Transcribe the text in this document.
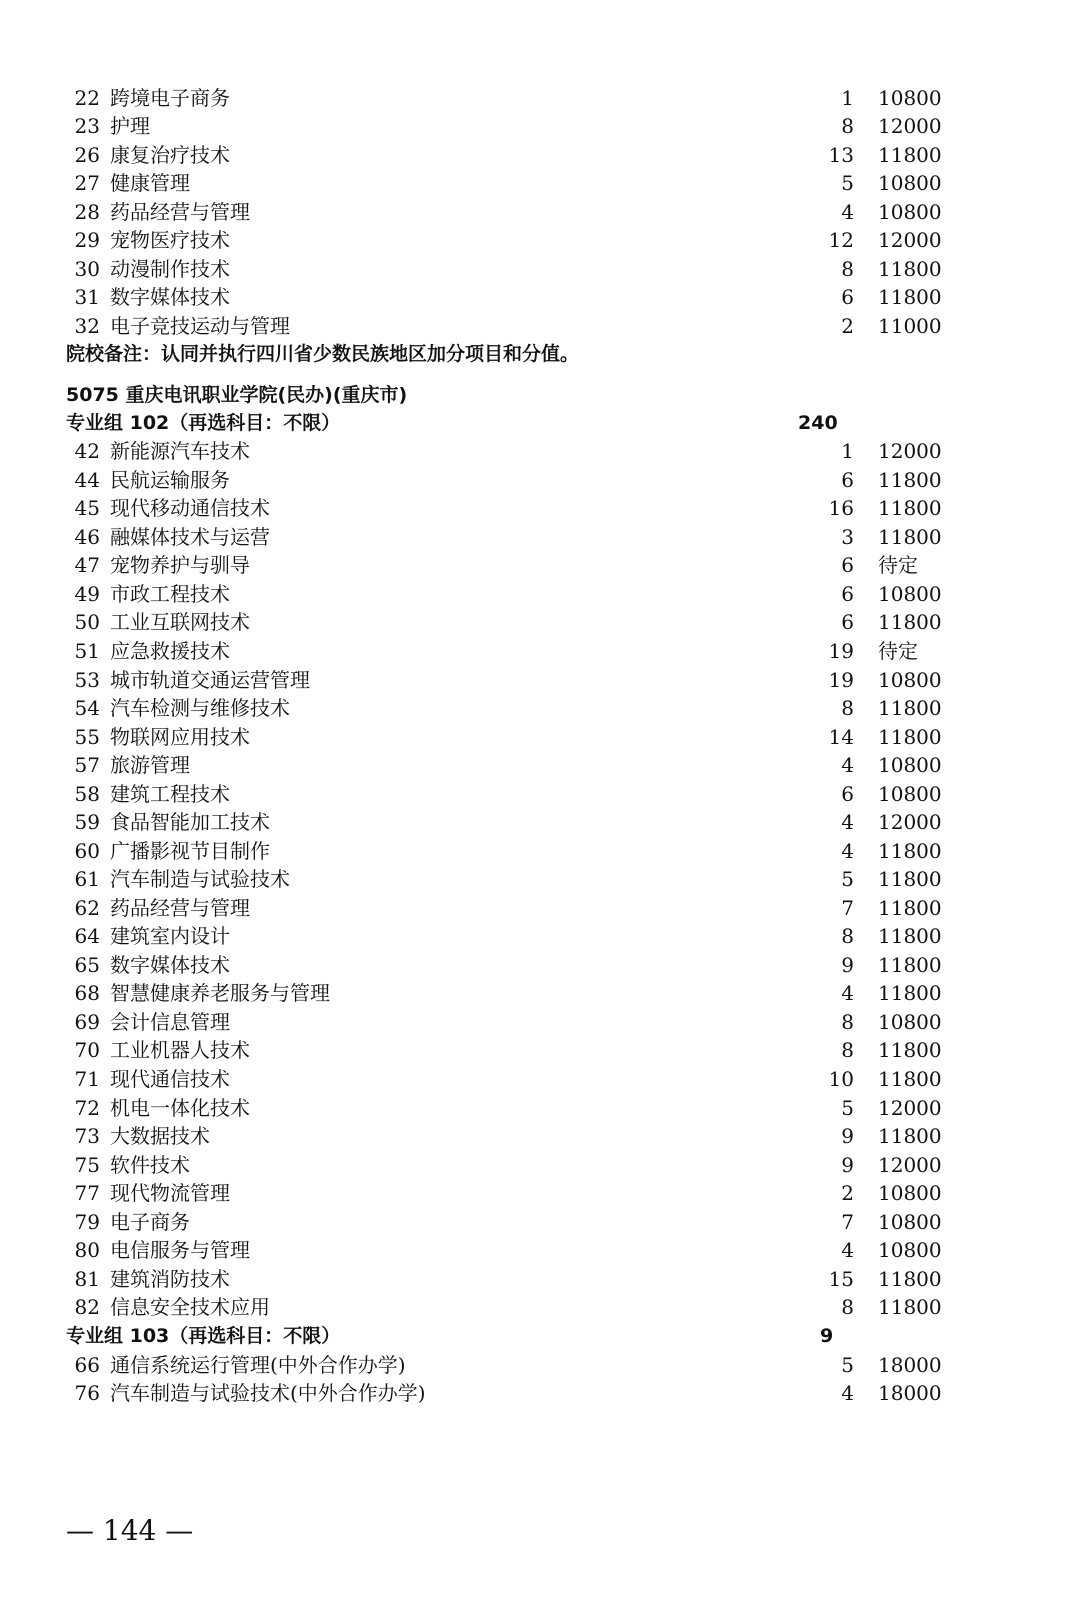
22 跨境电子商务	1 10800
23 护理	8 12000
26 康复治疗技术	13 11800
27 健康管理	5 10800
28 药品经营与管理	4 10800
29 宠物医疗技术	12 12000
30 动漫制作技术	8 11800
31 数字媒体技术	6 11800
32 电子竞技运动与管理	2 11000
院校备注：认同并执行四川省少数民族地区加分项目和分值。
5075 重庆电讯职业学院(民办)(重庆市)
专业组 102（再选科目：不限）	240
42 新能源汽车技术	1 12000
44 民航运输服务	6 11800
45 现代移动通信技术	16 11800
46 融媒体技术与运营	3 11800
47 宠物养护与驯导	6 待定
49 市政工程技术	6 10800
50 工业互联网技术	6 11800
51 应急救援技术	19 待定
53 城市轨道交通运营管理	19 10800
54 汽车检测与维修技术	8 11800
55 物联网应用技术	14 11800
57 旅游管理	4 10800
58 建筑工程技术	6 10800
59 食品智能加工技术	4 12000
60 广播影视节目制作	4 11800
61 汽车制造与试验技术	5 11800
62 药品经营与管理	7 11800
64 建筑室内设计	8 11800
65 数字媒体技术	9 11800
68 智慧健康养老服务与管理	4 11800
69 会计信息管理	8 10800
70 工业机器人技术	8 11800
71 现代通信技术	10 11800
72 机电一体化技术	5 12000
73 大数据技术	9 11800
75 软件技术	9 12000
77 现代物流管理	2 10800
79 电子商务	7 10800
80 电信服务与管理	4 10800
81 建筑消防技术	15 11800
82 信息安全技术应用	8 11800
专业组 103（再选科目：不限）	9
66 通信系统运行管理(中外合作办学)	5 18000
76 汽车制造与试验技术(中外合作办学)	4 18000
— 144 —
